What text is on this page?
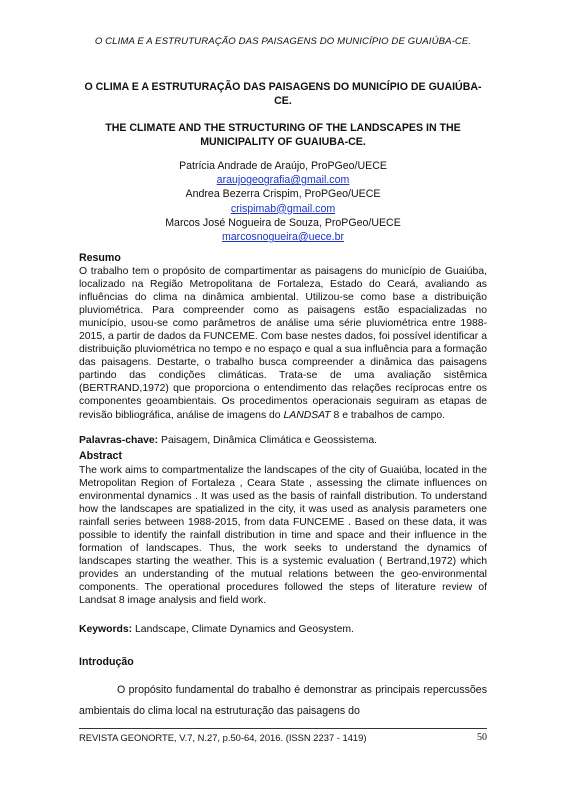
O CLIMA E A ESTRUTURAÇÃO DAS PAISAGENS DO MUNICÍPIO DE GUAIÚBA-CE.
O CLIMA E A ESTRUTURAÇÃO DAS PAISAGENS DO MUNICÍPIO DE GUAIÚBA-CE.
THE CLIMATE AND THE STRUCTURING OF THE LANDSCAPES IN THE MUNICIPALITY OF GUAIUBA-CE.
Patrícia Andrade de Araújo, ProPGeo/UECE
araujogeografia@gmail.com
Andrea Bezerra Crispim, ProPGeo/UECE
crispimab@gmail.com
Marcos José Nogueira de Souza, ProPGeo/UECE
marcosnogueira@uece.br
Resumo
O trabalho tem o propósito de compartimentar as paisagens do município de Guaiúba, localizado na Região Metropolitana de Fortaleza, Estado do Ceará, avaliando as influências do clima na dinâmica ambiental. Utilizou-se como base a distribuição pluviométrica. Para compreender como as paisagens estão espacializadas no município, usou-se como parâmetros de análise uma série pluviométrica entre 1988-2015, a partir de dados da FUNCEME. Com base nestes dados, foi possível identificar a distribuição pluviométrica no tempo e no espaço e qual a sua influência para a formação das paisagens. Destarte, o trabalho busca compreender a dinâmica das paisagens partindo das condições climáticas. Trata-se de uma avaliação sistêmica (BERTRAND,1972) que proporciona o entendimento das relações recíprocas entre os componentes geoambientais. Os procedimentos operacionais seguiram as etapas de revisão bibliográfica, análise de imagens do LANDSAT 8 e trabalhos de campo.
Palavras-chave: Paisagem, Dinâmica Climática e Geossistema.
Abstract
The work aims to compartmentalize the landscapes of the city of Guaiúba, located in the Metropolitan Region of Fortaleza , Ceara State , assessing the climate influences on environmental dynamics . It was used as the basis of rainfall distribution. To understand how the landscapes are spatialized in the city, it was used as analysis parameters one rainfall series between 1988-2015, from data FUNCEME . Based on these data, it was possible to identify the rainfall distribution in time and space and their influence in the formation of landscapes. Thus, the work seeks to understand the dynamics of landscapes starting the weather. This is a systemic evaluation ( Bertrand,1972) which provides an understanding of the mutual relations between the geo-environmental components. The operational procedures followed the steps of literature review of Landsat 8 image analysis and field work.
Keywords: Landscape, Climate Dynamics and Geosystem.
Introdução
O propósito fundamental do trabalho é demonstrar as principais repercussões ambientais do clima local na estruturação das paisagens do
REVISTA GEONORTE, V.7, N.27, p.50-64, 2016. (ISSN 2237 - 1419)	50
